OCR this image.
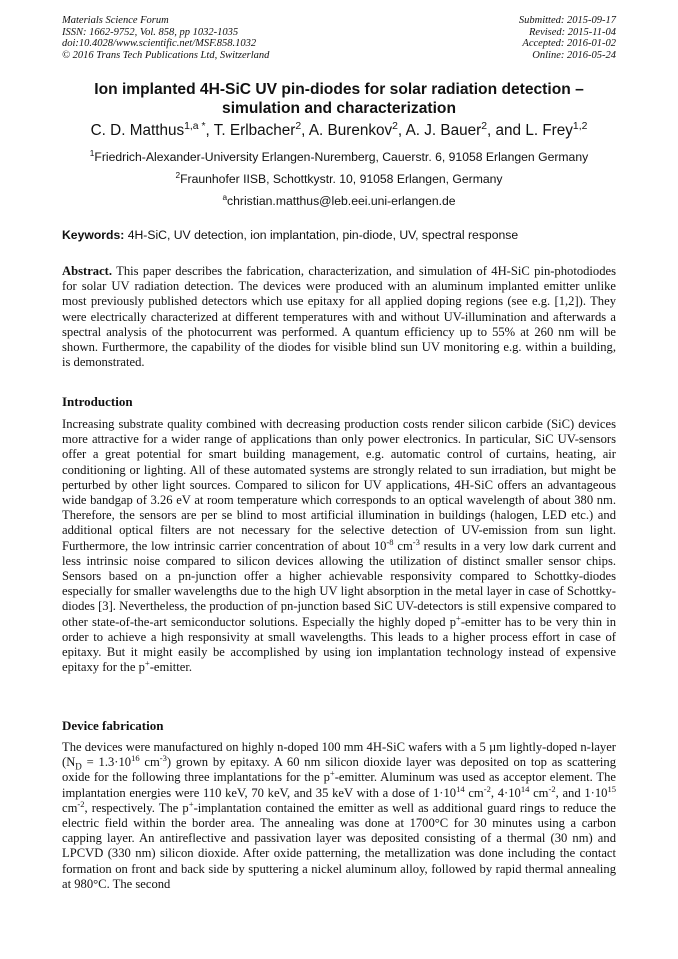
Materials Science Forum
ISSN: 1662-9752, Vol. 858, pp 1032-1035
doi:10.4028/www.scientific.net/MSF.858.1032
© 2016 Trans Tech Publications Ltd, Switzerland
Submitted: 2015-09-17
Revised: 2015-11-04
Accepted: 2016-01-02
Online: 2016-05-24
Ion implanted 4H-SiC UV pin-diodes for solar radiation detection –
simulation and characterization
C. D. Matthus$^{1,a *}$, T. Erlbacher$^2$, A. Burenkov$^2$, A. J. Bauer$^2$, and L. Frey$^{1,2}$
$^1$Friedrich-Alexander-University Erlangen-Nuremberg, Cauerstr. 6, 91058 Erlangen Germany
$^2$Fraunhofer IISB, Schottkystr. 10, 91058 Erlangen, Germany
$^a$christian.matthus@leb.eei.uni-erlangen.de
Keywords: 4H-SiC, UV detection, ion implantation, pin-diode, UV, spectral response

Abstract. This paper describes the fabrication, characterization, and simulation of 4H-SiC pin-photodiodes for solar UV radiation detection. The devices were produced with an aluminum implanted emitter unlike most previously published detectors which use epitaxy for all applied doping regions (see e.g. [1,2]). They were electrically characterized at different temperatures with and without UV-illumination and afterwards a spectral analysis of the photocurrent was performed. A quantum efficiency up to 55% at 260 nm will be shown. Furthermore, the capability of the diodes for visible blind sun UV monitoring e.g. within a building, is demonstrated.

Introduction

Increasing substrate quality combined with decreasing production costs render silicon carbide (SiC) devices more attractive for a wider range of applications than only power electronics. In particular, SiC UV-sensors offer a great potential for smart building management, e.g. automatic control of curtains, heating, air conditioning or lighting. All of these automated systems are strongly related to sun irradiation, but might be perturbed by other light sources. Compared to silicon for UV applications, 4H-SiC offers an advantageous wide bandgap of 3.26 eV at room temperature which corresponds to an optical wavelength of about 380 nm. Therefore, the sensors are per se blind to most artificial illumination in buildings (halogen, LED etc.) and additional optical filters are not necessary for the selective detection of UV-emission from sun light. Furthermore, the low intrinsic carrier concentration of about $10^{-8}$ $cm^{-3}$ results in a very low dark current and less intrinsic noise compared to silicon devices allowing the utilization of distinct smaller sensor chips. Sensors based on a pn-junction offer a higher achievable responsivity compared to Schottky-diodes especially for smaller wavelengths due to the high UV light absorption in the metal layer in case of Schottky-diodes [3]. Nevertheless, the production of pn-junction based SiC UV-detectors is still expensive compared to other state-of-the-art semiconductor solutions. Especially the highly doped p+-emitter has to be very thin in order to achieve a high responsivity at small wavelengths. This leads to a higher process effort in case of epitaxy. But it might easily be accomplished by using ion implantation technology instead of expensive epitaxy for the p+-emitter.

Device fabrication

The devices were manufactured on highly n-doped 100 mm 4H-SiC wafers with a 5 µm lightly-doped n-layer ($N_D = 1.3\cdot 10^{16}$ $cm^{-3}$) grown by epitaxy. A 60 nm silicon dioxide layer was deposited on top as scattering oxide for the following three implantations for the p+-emitter. Aluminum was used as acceptor element. The implantation energies were 110 keV, 70 keV, and 35 keV with a dose of $1\cdot 10^{14}$ $cm^{-2}$, $4\cdot 10^{14}$ $cm^{-2}$, and $1\cdot 10^{15}$ $cm^{-2}$, respectively. The p+-implantation contained the emitter as well as additional guard rings to reduce the electric field within the border area. The annealing was done at 1700°C for 30 minutes using a carbon capping layer. An antireflective and passivation layer was deposited consisting of a thermal (30 nm) and LPCVD (330 nm) silicon dioxide. After oxide patterning, the metallization was done including the contact formation on front and back side by sputtering a nickel aluminum alloy, followed by rapid thermal annealing at 980°C. The second
